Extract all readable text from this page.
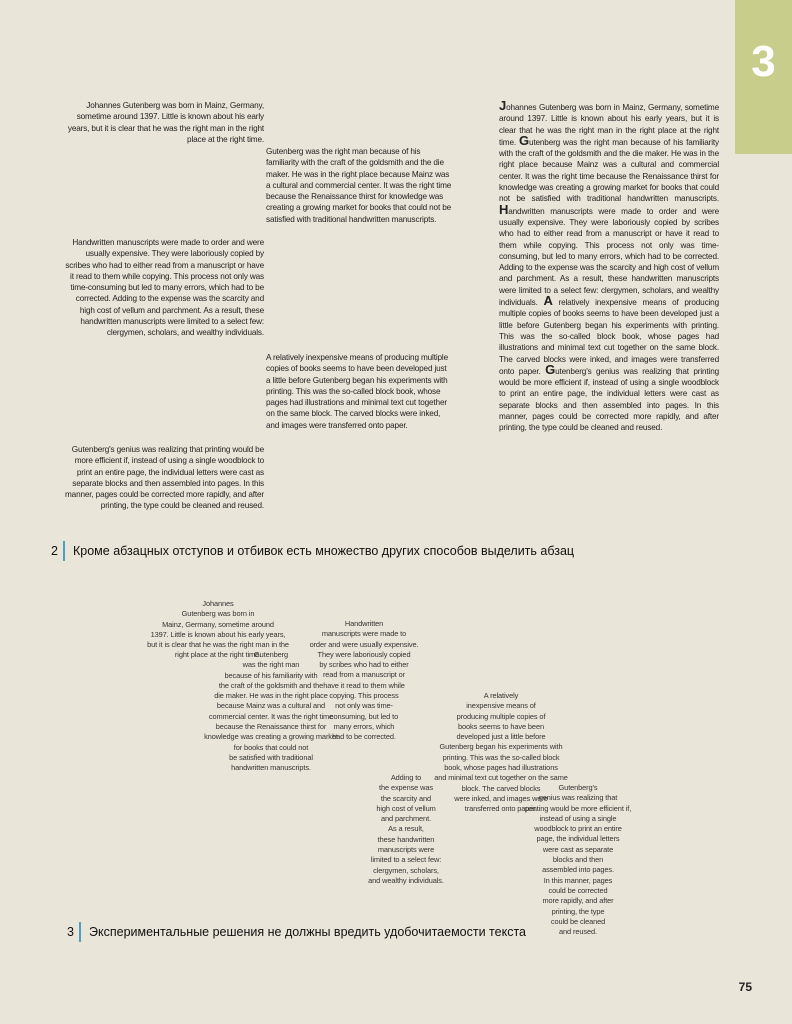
3

Johannes Gutenberg was born in Mainz, Germany, sometime around 1397. Little is known about his early years, but it is clear that he was the right man in the right place at the right time.

Handwritten manuscripts were made to order and were usually expensive. They were laboriously copied by scribes who had to either read from a manuscript or have it read to them while copying. This process not only was time-consuming but led to many errors, which had to be corrected. Adding to the expense was the scarcity and high cost of vellum and parchment. As a result, these handwritten manuscripts were limited to a select few: clergymen, scholars, and wealthy individuals.

Gutenberg's genius was realizing that printing would be more efficient if, instead of using a single woodblock to print an entire page, the individual letters were cast as separate blocks and then assembled into pages. In this manner, pages could be corrected more rapidly, and after printing, the type could be cleaned and reused.

Gutenberg was the right man because of his familiarity with the craft of the goldsmith and the die maker. He was in the right place because Mainz was a cultural and commercial center. It was the right time because the Renaissance thirst for knowledge was creating a growing market for books that could not be satisfied with traditional handwritten manuscripts.

A relatively inexpensive means of producing multiple copies of books seems to have been developed just a little before Gutenberg began his experiments with printing. This was the so-called block book, whose pages had illustrations and minimal text cut together on the same block. The carved blocks were inked, and images were transferred onto paper.

Johannes Gutenberg was born in Mainz, Germany, sometime around 1397. Little is known about his early years, but it is clear that he was the right man in the right place at the right time. Gutenberg was the right man because of his familiarity with the craft of the goldsmith and the die maker. He was in the right place because Mainz was a cultural and commercial center. It was the right time because the Renaissance thirst for knowledge was creating a growing market for books that could not be satisfied with traditional handwritten manuscripts. Handwritten manuscripts were made to order and were usually expensive. They were laboriously copied by scribes who had to either read from a manuscript or have it read to them while copying. This process not only was time-consuming, but led to many errors, which had to be corrected. Adding to the expense was the scarcity and high cost of vellum and parchment. As a result, these handwritten manuscripts were limited to a select few: clergymen, scholars, and wealthy individuals. A relatively inexpensive means of producing multiple copies of books seems to have been developed just a little before Gutenberg began his experiments with printing. This was the so-called block book, whose pages had illustrations and minimal text cut together on the same block. The carved blocks were inked, and images were transferred onto paper. Gutenberg's genius was realizing that printing would be more efficient if, instead of using a single woodblock to print an entire page, the individual letters were cast as separate blocks and then assembled into pages. In this manner, pages could be corrected more rapidly, and after printing, the type could be cleaned and reused.

2 Кроме абзацных отступов и отбивок есть множество других способов выделить абзац
Johannes
Gutenberg was born in
Mainz, Germany, sometime around
1397. Little is known about his early years,
but it is clear that he was the right man in the
right place at the right time.
Gutenberg
was the right man
because of his familiarity with
the craft of the goldsmith and the
die maker. He was in the right place
because Mainz was a cultural and
commercial center. It was the right time
because the Renaissance thirst for
knowledge was creating a growing market
for books that could not
be satisfied with traditional
handwritten manuscripts.
Handwritten
manuscripts were made to
order and were usually expensive.
They were laboriously copied
by scribes who had to either
read from a manuscript or
have it read to them while
copying. This process
not only was time-
consuming, but led to
many errors, which
had to be corrected.
Adding to
the expense was
the scarcity and
high cost of vellum
and parchment.
As a result,
these handwritten
manuscripts were
limited to a select few:
clergymen, scholars,
and wealthy individuals.
A relatively
inexpensive means of
producing multiple copies of
books seems to have been
developed just a little before
Gutenberg began his experiments with
printing. This was the so-called block
book, whose pages had illustrations
and minimal text cut together on the same
block. The carved blocks
were inked, and images were
transferred onto paper.
Gutenberg's
genius was realizing that
printing would be more efficient if,
instead of using a single
woodblock to print an entire
page, the individual letters
were cast as separate
blocks and then
assembled into pages.
In this manner, pages
could be corrected
more rapidly, and after
printing, the type
could be cleaned
and reused.
3 Экспериментальные решения не должны вредить удобочитаемости текста
75
